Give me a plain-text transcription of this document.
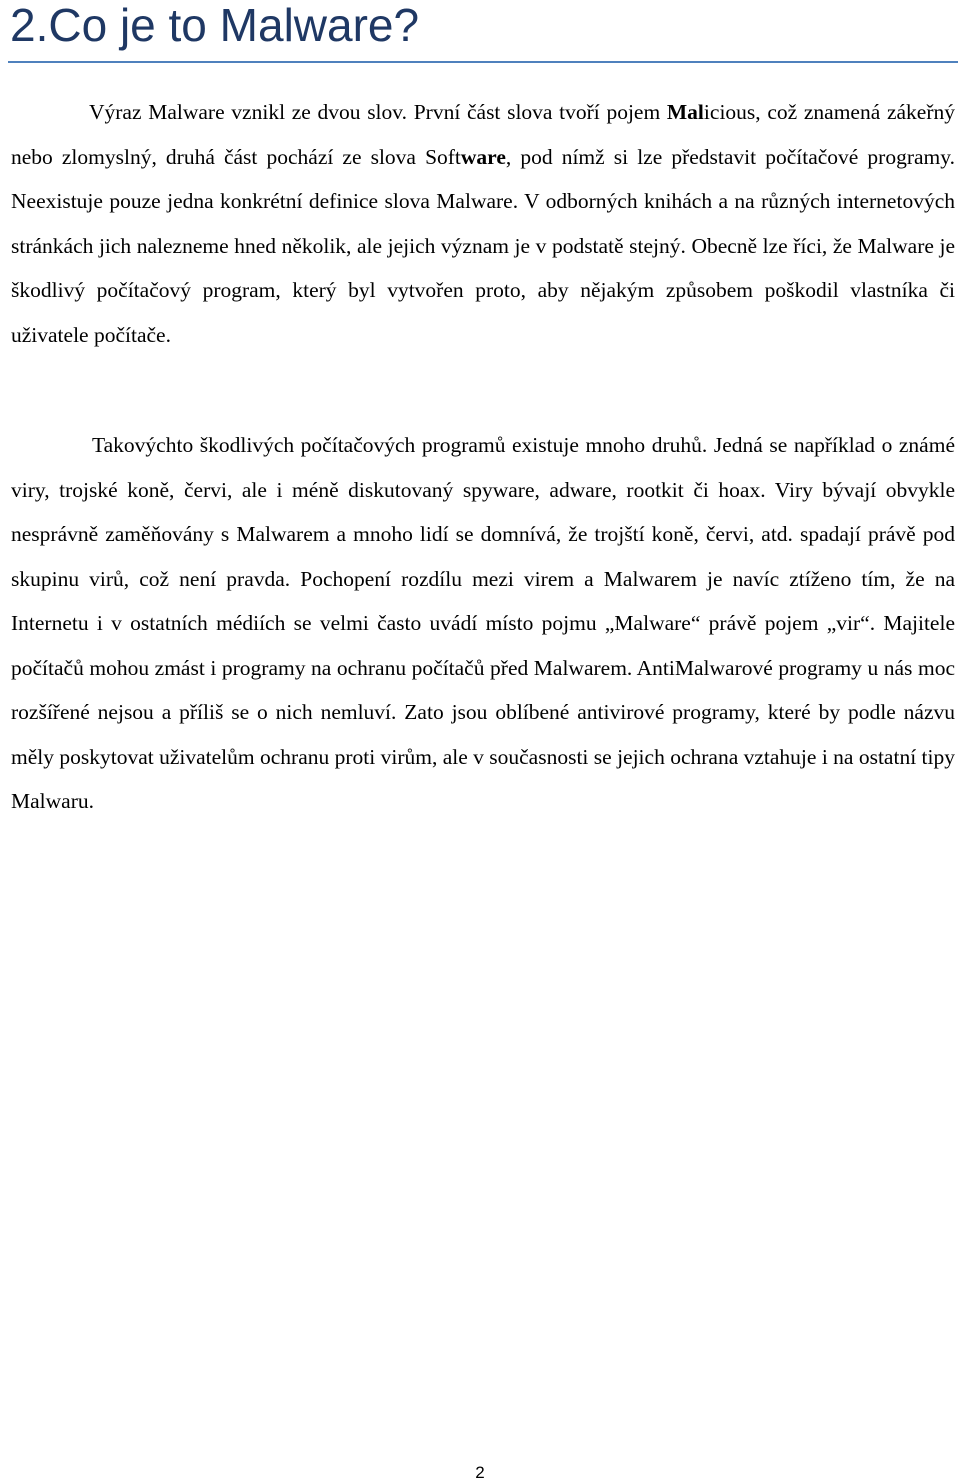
2.Co je to Malware?

Výraz Malware vznikl ze dvou slov. První část slova tvoří pojem Malicious, což znamená zákeřný nebo zlomyslný, druhá část pochází ze slova Software, pod nímž si lze představit počítačové programy. Neexistuje pouze jedna konkrétní definice slova Malware. V odborných knihách a na různých internetových stránkách jich nalezneme hned několik, ale jejich význam je v podstatě stejný. Obecně lze říci, že Malware je škodlivý počítačový program, který byl vytvořen proto, aby nějakým způsobem poškodil vlastníka či uživatele počítače.

Takovýchto škodlivých počítačových programů existuje mnoho druhů. Jedná se například o známé viry, trojské koně, červi, ale i méně diskutovaný spyware, adware, rootkit či hoax. Viry bývají obvykle nesprávně zaměňovány s Malwarem a mnoho lidí se domnívá, že trojští koně, červi, atd. spadají právě pod skupinu virů, což není pravda. Pochopení rozdílu mezi virem a Malwarem je navíc ztíženo tím, že na Internetu i v ostatních médiích se velmi často uvádí místo pojmu „Malware“ právě pojem „vir“. Majitele počítačů mohou zmást i programy na ochranu počítačů před Malwarem. AntiMalwarové programy u nás moc rozšířené nejsou a příliš se o nich nemluví. Zato jsou oblíbené antivirové programy, které by podle názvu měly poskytovat uživatelům ochranu proti virům, ale v současnosti se jejich ochrana vztahuje i na ostatní tipy Malwaru.

2
